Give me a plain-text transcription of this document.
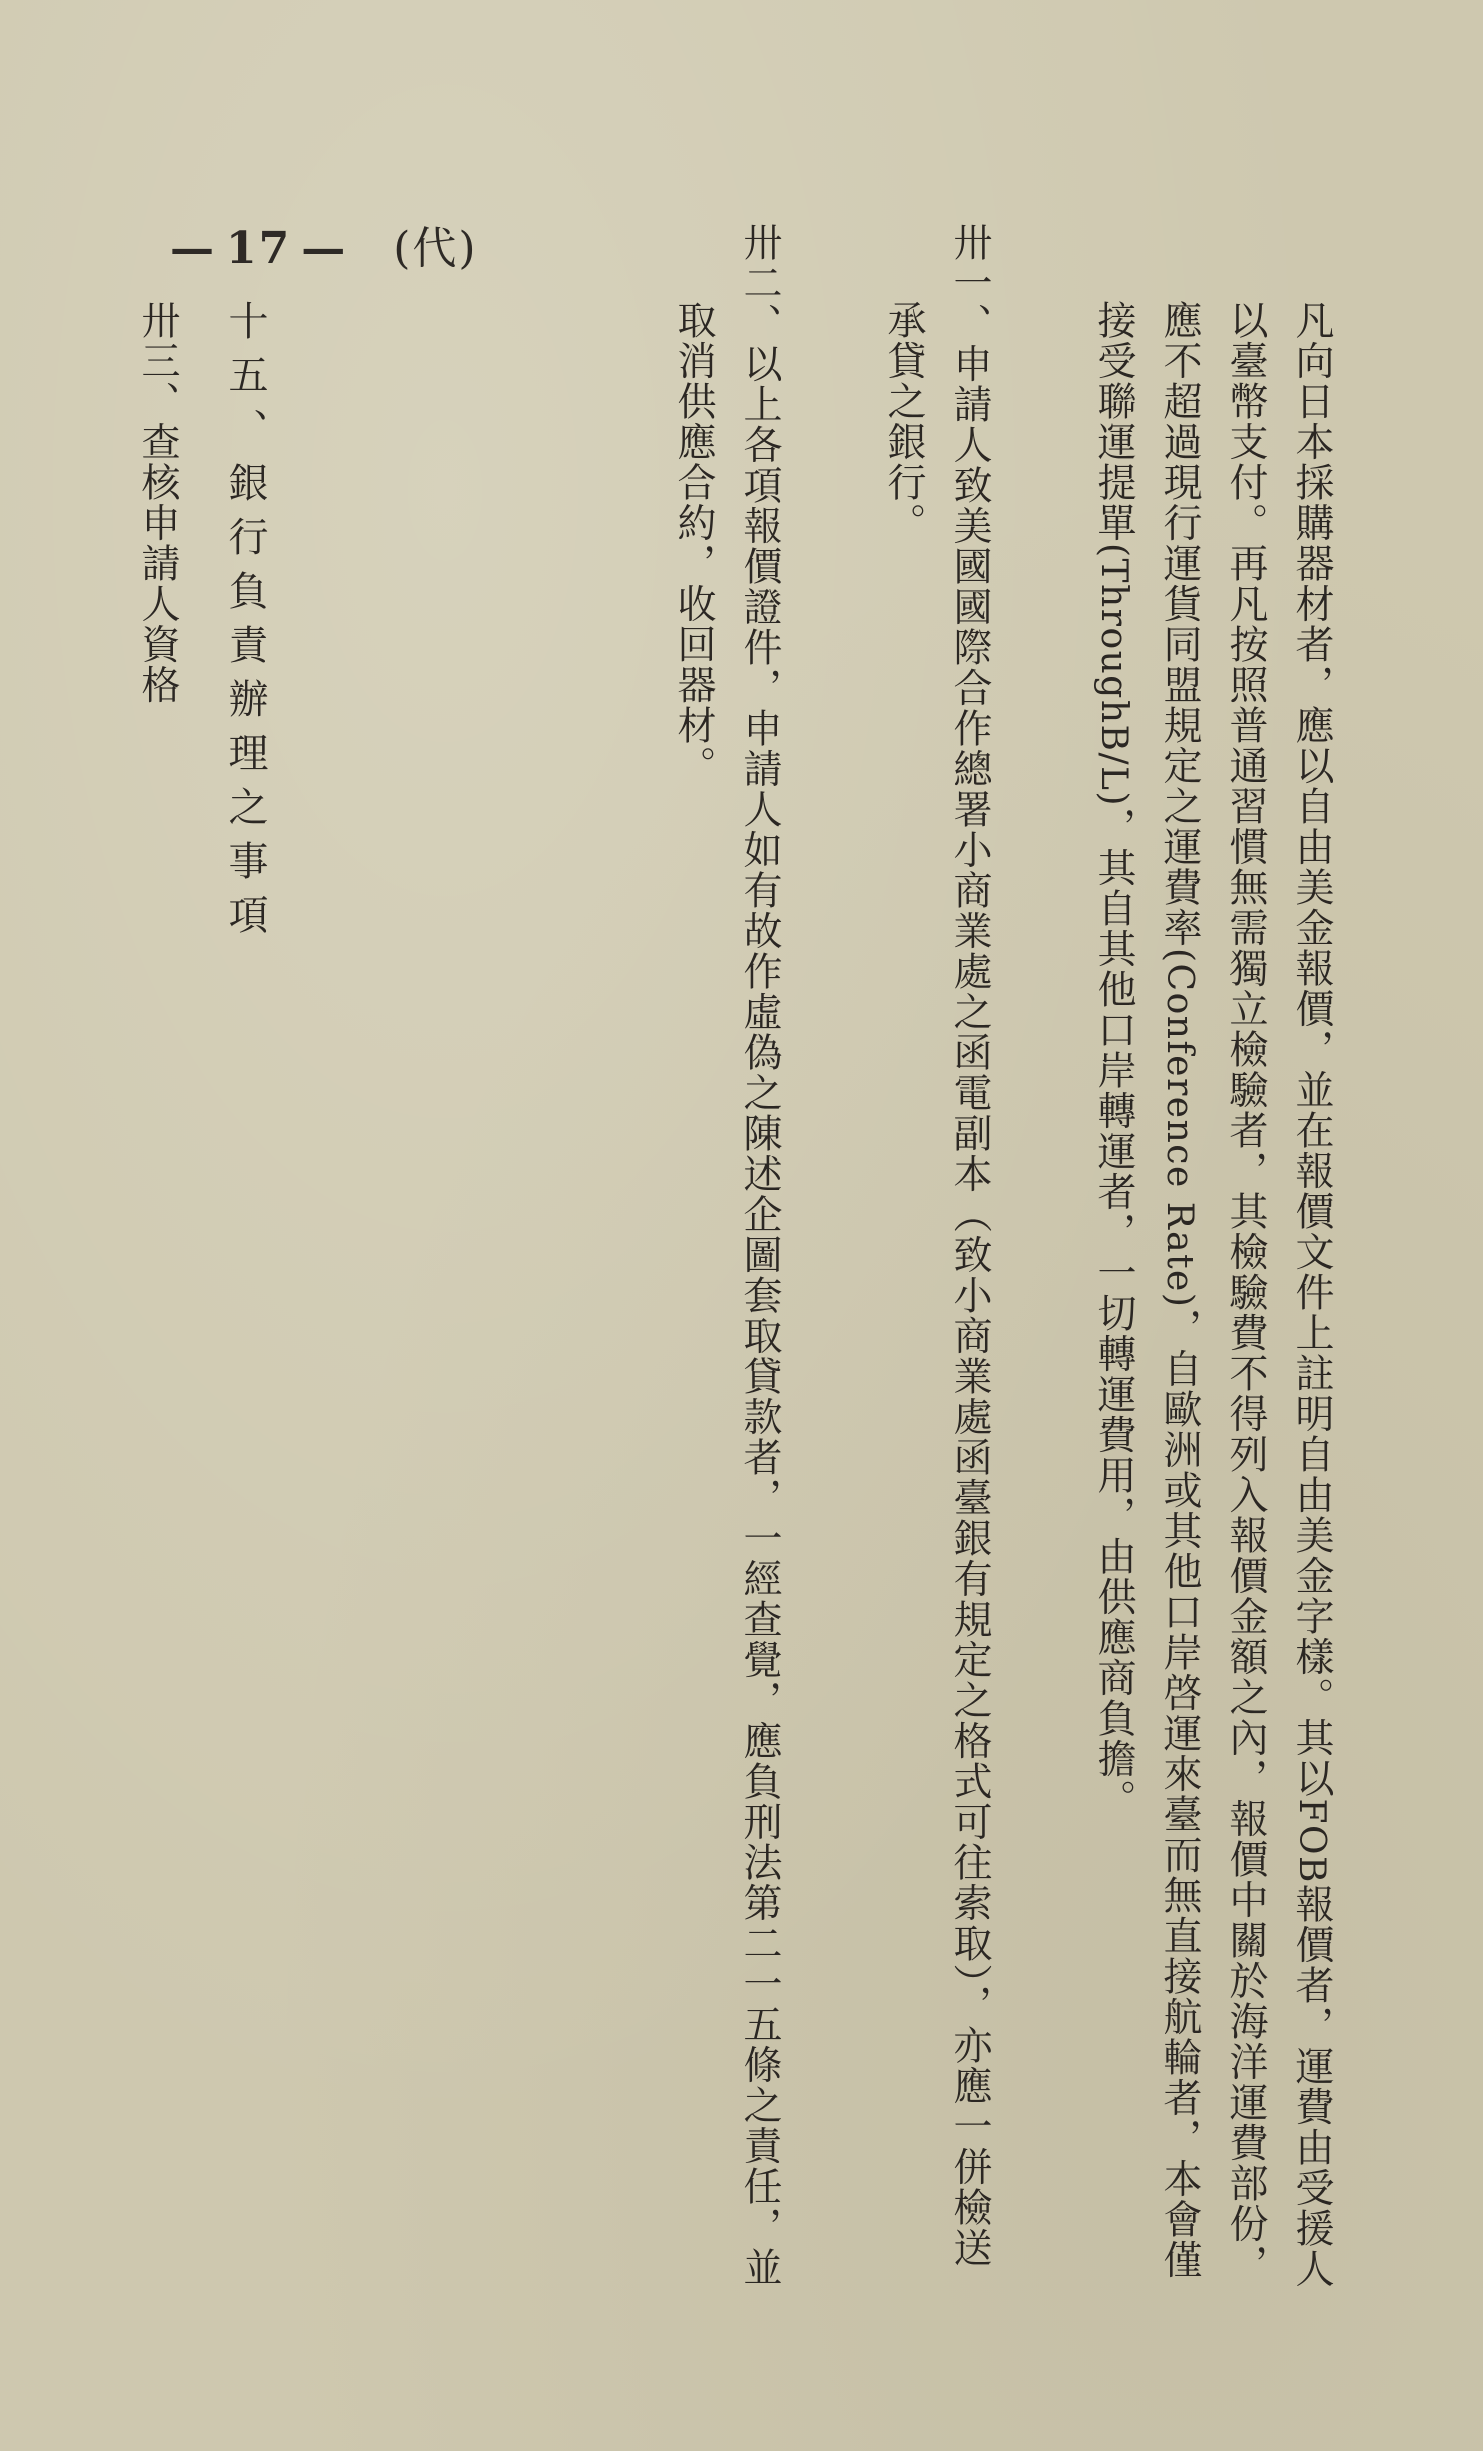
— 17 — (代)
凡向日本採購器材者，應以自由美金報價，並在報價文件上註明自由美金字樣。其以FOB報價者，運費由受援人以臺幣支付。再凡按照普通習慣無需獨立檢驗者，其檢驗費不得列入報價金額之內，報價中關於海洋運費部份，應不超過現行運貨同盟規定之運費率(Conference Rate)，自歐洲或其他口岸啓運來臺而無直接航輪者，本會僅接受聯運提單(ThroughB/L)，其自其他口岸轉運者，一切轉運費用，由供應商負擔。
卅一、申請人致美國國際合作總署小商業處之函電副本（致小商業處函臺銀有規定之格式可往索取），亦應一併檢送承貸之銀行。
卅二、以上各項報價證件，申請人如有故作虛偽之陳述企圖套取貸款者，一經查覺，應負刑法第二一五條之責任，並取消供應合約，收回器材。
十五、銀行負責辦理之事項
卅三、查核申請人資格
